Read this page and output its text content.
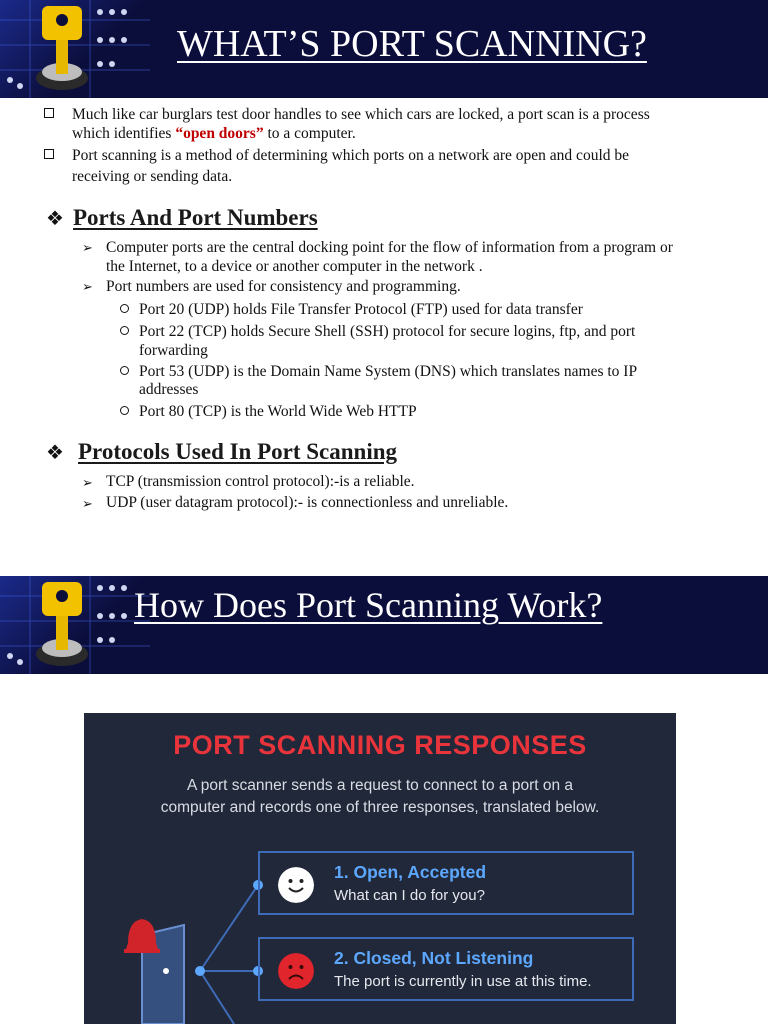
WHAT’S PORT SCANNING?
Much like car burglars test door handles to see which cars are locked, a port scan is a process
which identifies “open doors” to a computer.
Port scanning is a method of determining which ports on a network are open and could be
receiving or sending data.
❖ Ports And Port Numbers
➢ Computer ports are the central docking point for the flow of information from a program or
the Internet, to a device or another computer in the network .
➢ Port numbers are used for consistency and programming.
Port 20 (UDP) holds File Transfer Protocol (FTP) used for data transfer
Port 22 (TCP) holds Secure Shell (SSH) protocol for secure logins, ftp, and port
forwarding
Port 53 (UDP) is the Domain Name System (DNS) which translates names to IP
addresses
Port 80 (TCP) is the World Wide Web HTTP
❖ Protocols Used In Port Scanning
➢ TCP (transmission control protocol):-is a reliable.
➢ UDP (user datagram protocol):- is connectionless and unreliable.
How Does Port Scanning Work?
PORT SCANNING RESPONSES
A port scanner sends a request to connect to a port on a
computer and records one of three responses, translated below.
1. Open, Accepted
What can I do for you?
2. Closed, Not Listening
The port is currently in use at this time.
